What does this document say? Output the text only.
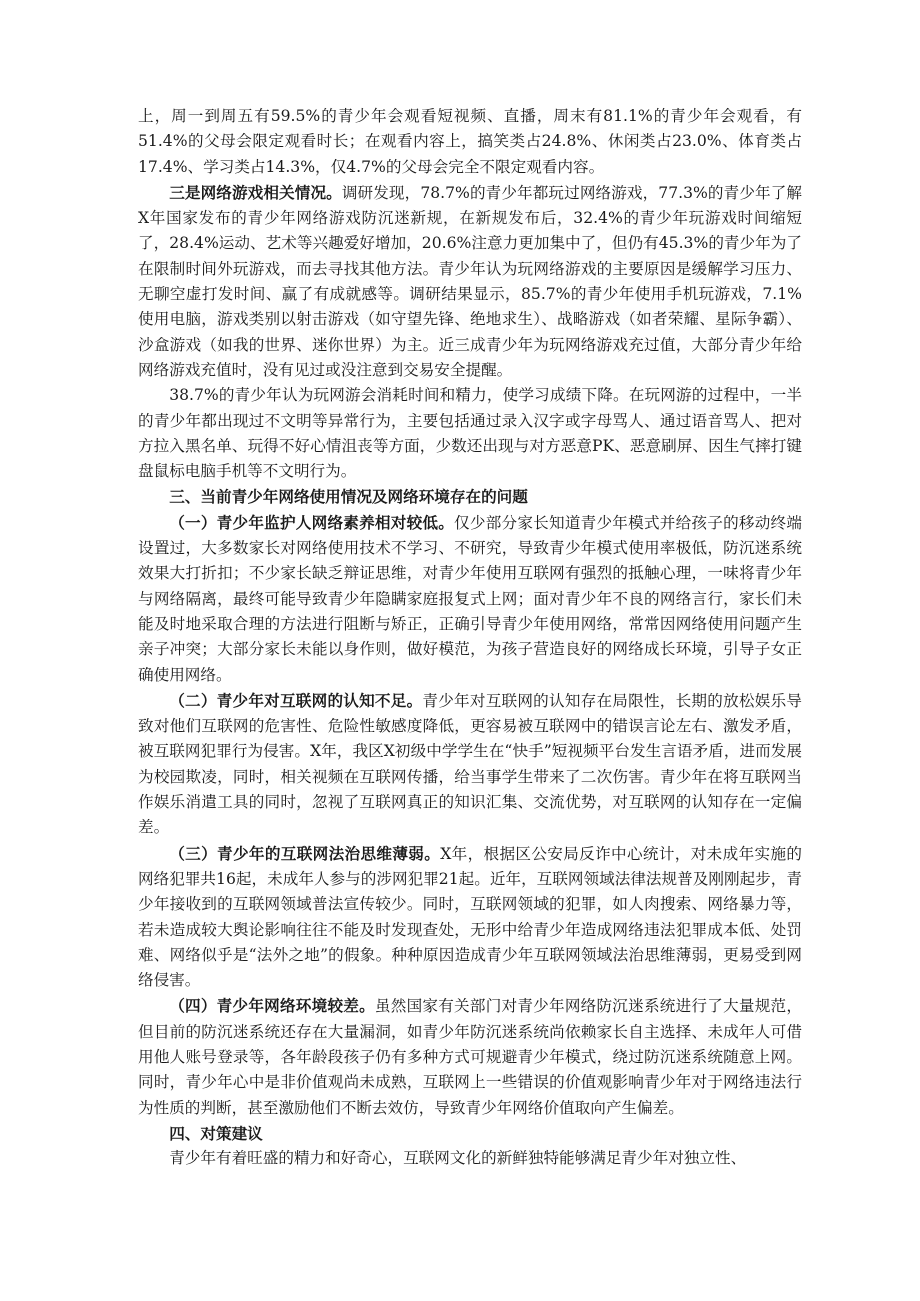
上，周一到周五有59.5%的青少年会观看短视频、直播，周末有81.1%的青少年会观看，有51.4%的父母会限定观看时长；在观看内容上，搞笑类占24.8%、休闲类占23.0%、体育类占17.4%、学习类占14.3%，仅4.7%的父母会完全不限定观看内容。

三是网络游戏相关情况。调研发现，78.7%的青少年都玩过网络游戏，77.3%的青少年了解X年国家发布的青少年网络游戏防沉迷新规，在新规发布后，32.4%的青少年玩游戏时间缩短了，28.4%运动、艺术等兴趣爱好增加，20.6%注意力更加集中了，但仍有45.3%的青少年为了在限制时间外玩游戏，而去寻找其他方法。青少年认为玩网络游戏的主要原因是缓解学习压力、无聊空虚打发时间、赢了有成就感等。调研结果显示，85.7%的青少年使用手机玩游戏，7.1%使用电脑，游戏类别以射击游戏（如守望先锋、绝地求生）、战略游戏（如者荣耀、星际争霸）、沙盒游戏（如我的世界、迷你世界）为主。近三成青少年为玩网络游戏充过值，大部分青少年给网络游戏充值时，没有见过或没注意到交易安全提醒。

38.7%的青少年认为玩网游会消耗时间和精力，使学习成绩下降。在玩网游的过程中，一半的青少年都出现过不文明等异常行为，主要包括通过录入汉字或字母骂人、通过语音骂人、把对方拉入黑名单、玩得不好心情沮丧等方面，少数还出现与对方恶意PK、恶意刷屏、因生气摔打键盘鼠标电脑手机等不文明行为。

三、当前青少年网络使用情况及网络环境存在的问题

（一）青少年监护人网络素养相对较低。仅少部分家长知道青少年模式并给孩子的移动终端设置过，大多数家长对网络使用技术不学习、不研究，导致青少年模式使用率极低，防沉迷系统效果大打折扣；不少家长缺乏辩证思维，对青少年使用互联网有强烈的抵触心理，一味将青少年与网络隔离，最终可能导致青少年隐瞒家庭报复式上网；面对青少年不良的网络言行，家长们未能及时地采取合理的方法进行阻断与矫正，正确引导青少年使用网络，常常因网络使用问题产生亲子冲突；大部分家长未能以身作则，做好模范，为孩子营造良好的网络成长环境，引导子女正确使用网络。

（二）青少年对互联网的认知不足。青少年对互联网的认知存在局限性，长期的放松娱乐导致对他们互联网的危害性、危险性敏感度降低，更容易被互联网中的错误言论左右、激发矛盾，被互联网犯罪行为侵害。X年，我区X初级中学学生在“快手”短视频平台发生言语矛盾，进而发展为校园欺凌，同时，相关视频在互联网传播，给当事学生带来了二次伤害。青少年在将互联网当作娱乐消遣工具的同时，忽视了互联网真正的知识汇集、交流优势，对互联网的认知存在一定偏差。

（三）青少年的互联网法治思维薄弱。X年，根据区公安局反诈中心统计，对未成年实施的网络犯罪共16起，未成年人参与的涉网犯罪21起。近年，互联网领域法律法规普及刚刚起步，青少年接收到的互联网领域普法宣传较少。同时，互联网领域的犯罪，如人肉搜索、网络暴力等，若未造成较大舆论影响往往不能及时发现查处，无形中给青少年造成网络违法犯罪成本低、处罚难、网络似乎是“法外之地”的假象。种种原因造成青少年互联网领域法治思维薄弱，更易受到网络侵害。

（四）青少年网络环境较差。虽然国家有关部门对青少年网络防沉迷系统进行了大量规范，但目前的防沉迷系统还存在大量漏洞，如青少年防沉迷系统尚依赖家长自主选择、未成年人可借用他人账号登录等，各年龄段孩子仍有多种方式可规避青少年模式，绕过防沉迷系统随意上网。同时，青少年心中是非价值观尚未成熟，互联网上一些错误的价值观影响青少年对于网络违法行为性质的判断，甚至激励他们不断去效仿，导致青少年网络价值取向产生偏差。

四、对策建议

青少年有着旺盛的精力和好奇心，互联网文化的新鲜独特能够满足青少年对独立性、
